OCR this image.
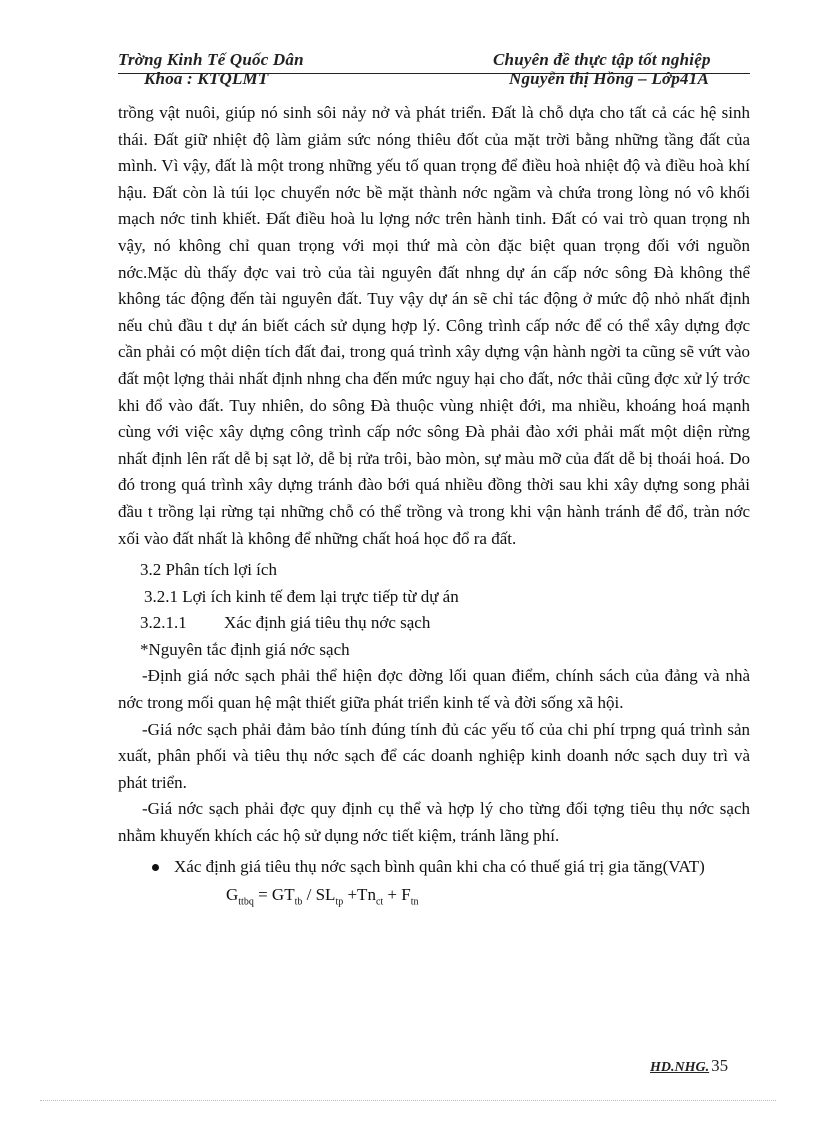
Trờng Kinh Tế Quốc Dân
Khoa : KTQLMT
Chuyên đề thực tập tốt nghiệp
Nguyễn thị Hồng – Lớp41A

trồng vật nuôi, giúp nó sinh sôi nảy nở và phát triển. Đất là chỗ dựa cho tất cả các hệ sinh thái. Đất giữ nhiệt độ làm giảm sức nóng thiêu đốt của mặt trời bằng những tầng đất của mình. Vì vậy, đất là một trong những yếu tố quan trọng để điều hoà nhiệt độ và điều hoà khí hậu. Đất còn là túi lọc chuyển nớc bề mặt thành nớc ngầm và chứa trong lòng nó vô khối mạch nớc tinh khiết. Đất điều hoà lu lợng nớc trên hành tinh. Đất có vai trò quan trọng nh vậy, nó không chỉ quan trọng với mọi thứ mà còn đặc biệt quan trọng đối với nguồn nớc.Mặc dù thấy đợc vai trò của tài nguyên đất nhng dự án cấp nớc sông Đà không thể không tác động đến tài nguyên đất. Tuy vậy dự án sẽ chỉ tác động ở mức độ nhỏ nhất định nếu chủ đầu t dự án biết cách sử dụng hợp lý. Công trình cấp nớc để có thể xây dựng đợc cần phải có một diện tích đất đai, trong quá trình xây dựng vận hành ngời ta cũng sẽ vứt vào đất một lợng thải nhất định nhng cha đến mức nguy hại cho đất, nớc thải cũng đợc xử lý trớc khi đổ vào đất. Tuy nhiên, do sông Đà thuộc vùng nhiệt đới, ma nhiều, khoáng hoá mạnh cùng với việc xây dựng công trình cấp nớc sông Đà phải đào xới phải mất một diện rừng nhất định lên rất dễ bị sạt lở, dễ bị rửa trôi, bào mòn, sự màu mỡ của đất dễ bị thoái hoá. Do đó trong quá trình xây dựng tránh đào bới quá nhiều đồng thời sau khi xây dựng song phải đầu t trồng lại rừng tại những chỗ có thể trồng và trong khi vận hành tránh để đổ, tràn nớc xối vào đất nhất là không để những chất hoá học đổ ra đất.

3.2 Phân tích lợi ích

3.2.1 Lợi ích kinh tế đem lại trực tiếp từ dự án

3.2.1.1 Xác định giá tiêu thụ nớc sạch

*Nguyên tắc định giá nớc sạch

-Định giá nớc sạch phải thể hiện đợc đờng lối quan điểm, chính sách của đảng và nhà nớc trong mối quan hệ mật thiết giữa phát triển kinh tế và đời sống xã hội.

-Giá nớc sạch phải đảm bảo tính đúng tính đủ các yếu tố của chi phí trpng quá trình sản xuất, phân phối và tiêu thụ nớc sạch để các doanh nghiệp kinh doanh nớc sạch duy trì và phát triển.

-Giá nớc sạch phải đợc quy định cụ thể và hợp lý cho từng đối tợng tiêu thụ nớc sạch nhằm khuyến khích các hộ sử dụng nớc tiết kiệm, tránh lãng phí.

Xác định giá tiêu thụ nớc sạch bình quân khi cha có thuế giá trị gia tăng(VAT)

$G_{ttbq} = GT_{tb} / SL_{tp} +Tn_{ct} + F_{tn}$

HD.NHG. 35
